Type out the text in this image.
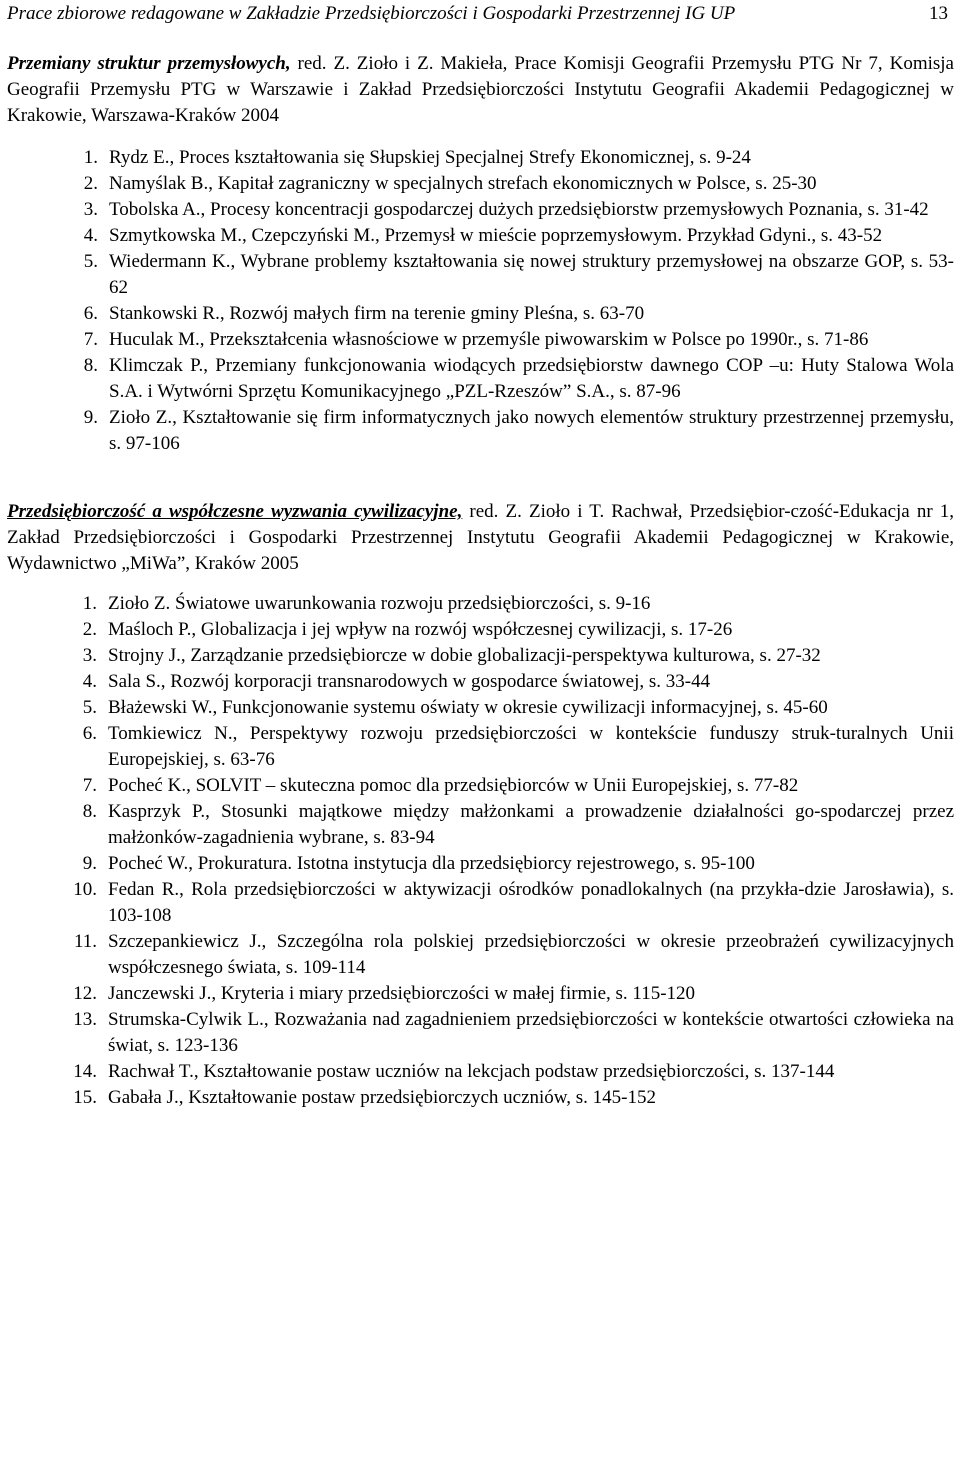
Prace zbiorowe redagowane w Zakładzie Przedsiębiorczości i Gospodarki Przestrzennej IG UP	13

Przemiany struktur przemysłowych, red. Z. Zioło i Z. Makieła, Prace Komisji Geografii Przemysłu PTG Nr 7, Komisja Geografii Przemysłu PTG w Warszawie i Zakład Przedsiębiorczości Instytutu Geografii Akademii Pedagogicznej w Krakowie, Warszawa-Kraków 2004

1. Rydz E., Proces kształtowania się Słupskiej Specjalnej Strefy Ekonomicznej, s. 9-24
2. Namyślak B., Kapitał zagraniczny w specjalnych strefach ekonomicznych w Polsce, s. 25-30
3. Tobolska A., Procesy koncentracji gospodarczej dużych przedsiębiorstw przemysłowych Poznania, s. 31-42
4. Szmytkowska M., Czepczyński M., Przemysł w mieście poprzemysłowym. Przykład Gdyni., s. 43-52
5. Wiedermann K., Wybrane problemy kształtowania się nowej struktury przemysłowej na obszarze GOP, s. 53-62
6. Stankowski R., Rozwój małych firm na terenie gminy Pleśna, s. 63-70
7. Huculak M., Przekształcenia własnościowe w przemyśle piwowarskim w Polsce po 1990r., s. 71-86
8. Klimczak P., Przemiany funkcjonowania wiodących przedsiębiorstw dawnego COP –u: Huty Stalowa Wola S.A. i Wytwórni Sprzętu Komunikacyjnego „PZL-Rzeszów” S.A., s. 87-96
9. Zioło Z., Kształtowanie się firm informatycznych jako nowych elementów struktury przestrzennej przemysłu, s. 97-106

Przedsiębiorczość a współczesne wyzwania cywilizacyjne, red. Z. Zioło i T. Rachwał, Przedsiębior-czość-Edukacja nr 1, Zakład Przedsiębiorczości i Gospodarki Przestrzennej Instytutu Geografii Akademii Pedagogicznej w Krakowie, Wydawnictwo „MiWa”, Kraków 2005

1. Zioło Z. Światowe uwarunkowania rozwoju przedsiębiorczości, s. 9-16
2. Maśloch P., Globalizacja i jej wpływ na rozwój współczesnej cywilizacji, s. 17-26
3. Strojny J., Zarządzanie przedsiębiorcze w dobie globalizacji-perspektywa kulturowa, s. 27-32
4. Sala S., Rozwój korporacji transnarodowych w gospodarce światowej, s. 33-44
5. Błażewski W., Funkcjonowanie systemu oświaty w okresie cywilizacji informacyjnej, s. 45-60
6. Tomkiewicz N., Perspektywy rozwoju przedsiębiorczości w kontekście funduszy struk-turalnych Unii Europejskiej, s. 63-76
7. Pocheć K., SOLVIT – skuteczna pomoc dla przedsiębiorców w Unii Europejskiej, s. 77-82
8. Kasprzyk P., Stosunki majątkowe między małżonkami a prowadzenie działalności go-spodarczej przez małżonków-zagadnienia wybrane, s. 83-94
9. Pocheć W., Prokuratura. Istotna instytucja dla przedsiębiorcy rejestrowego, s. 95-100
10. Fedan R., Rola przedsiębiorczości w aktywizacji ośrodków ponadlokalnych (na przykła-dzie Jarosławia), s. 103-108
11. Szczepankiewicz J., Szczególna rola polskiej przedsiębiorczości w okresie przeobrażeń cywilizacyjnych współczesnego świata, s. 109-114
12. Janczewski J., Kryteria i miary przedsiębiorczości w małej firmie, s. 115-120
13. Strumska-Cylwik L., Rozważania nad zagadnieniem przedsiębiorczości w kontekście otwartości człowieka na świat, s. 123-136
14. Rachwał T., Kształtowanie postaw uczniów na lekcjach podstaw przedsiębiorczości, s. 137-144
15. Gabała J., Kształtowanie postaw przedsiębiorczych uczniów, s. 145-152
